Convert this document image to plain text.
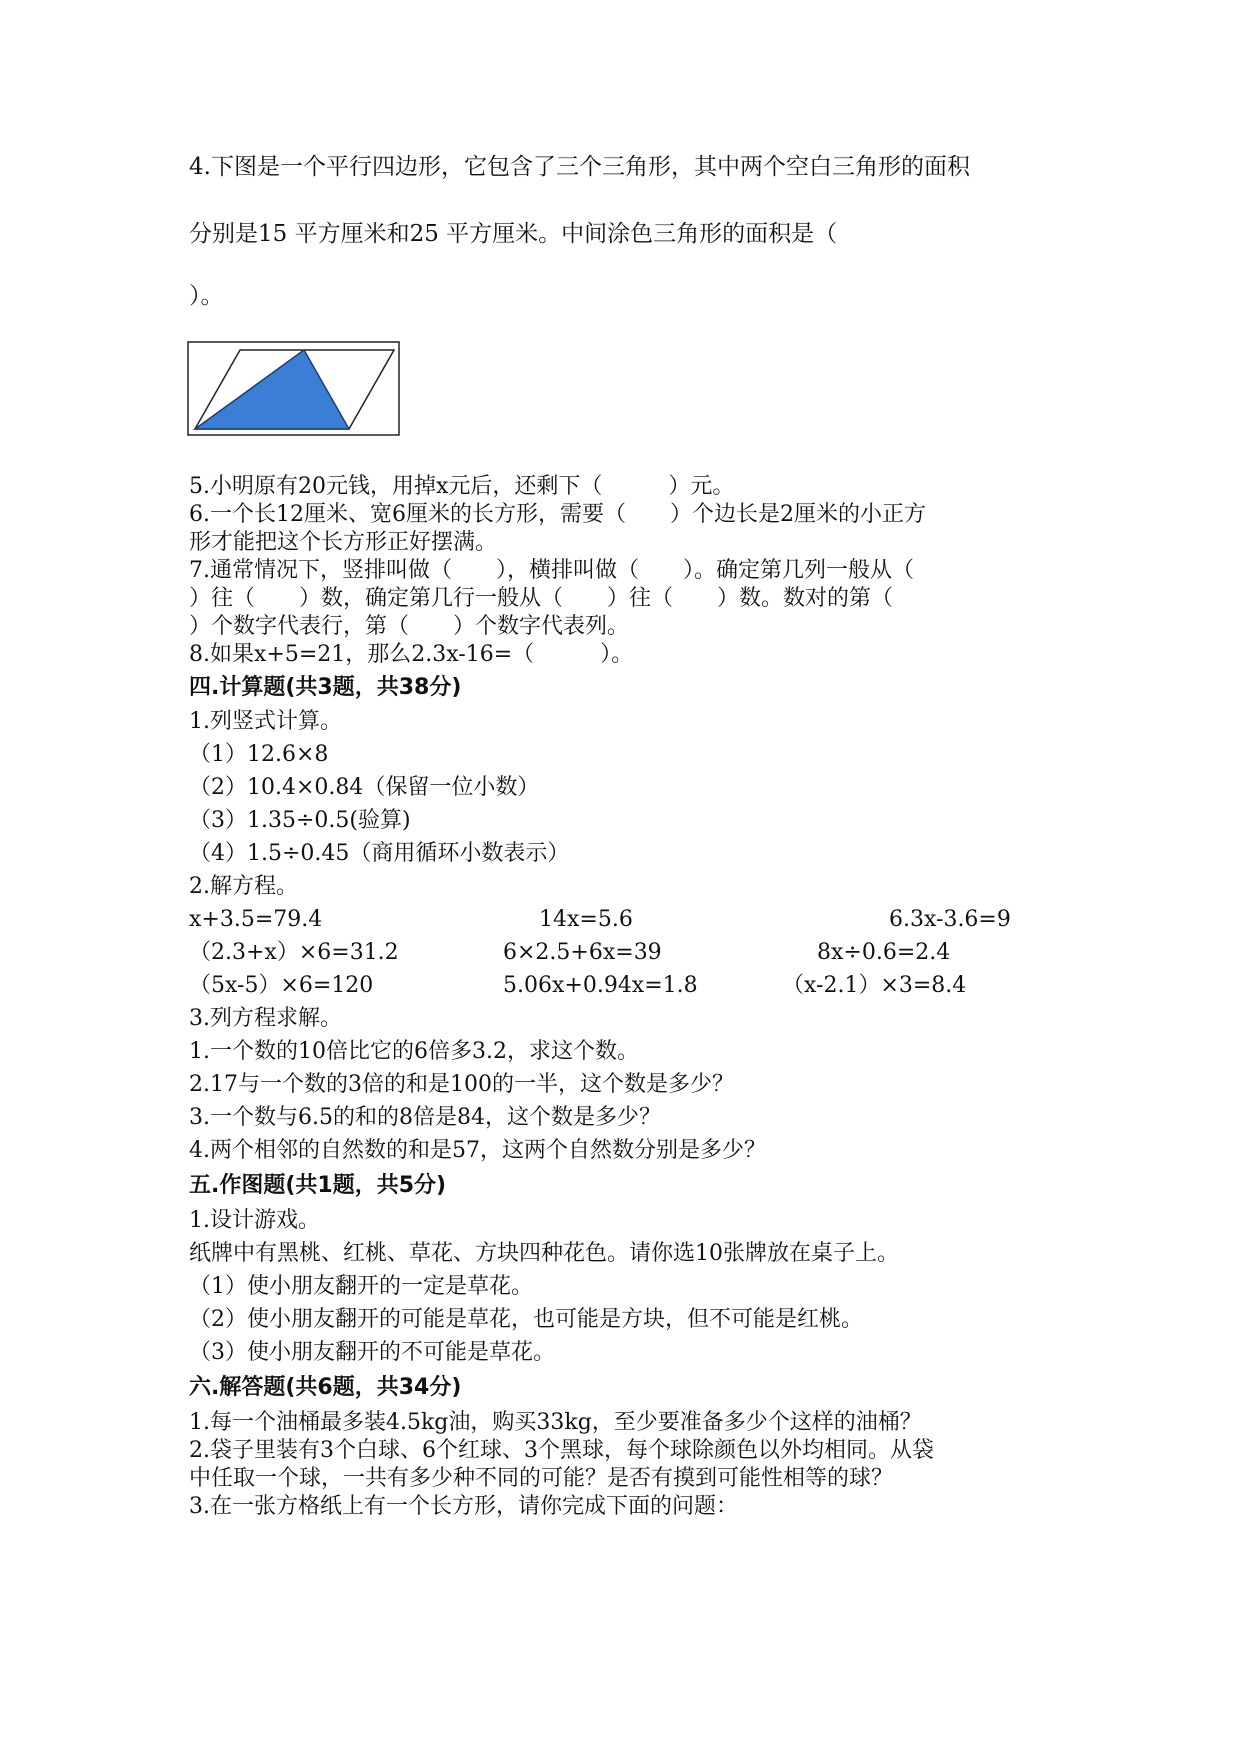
4.下图是一个平行四边形，它包含了三个三角形，其中两个空白三角形的面积
分别是15 平方厘米和25 平方厘米。中间涂色三角形的面积是（
）。
5.小明原有20元钱，用掉x元后，还剩下（　　　）元。
6.一个长12厘米、宽6厘米的长方形，需要（　　）个边长是2厘米的小正方
形才能把这个长方形正好摆满。
7.通常情况下，竖排叫做（　　），横排叫做（　　）。确定第几列一般从（
）往（　　）数，确定第几行一般从（　　）往（　　）数。数对的第（
）个数字代表行，第（　　）个数字代表列。
8.如果x+5=21，那么2.3x-16=（　　　）。
四.计算题(共3题，共38分)
1.列竖式计算。
（1）12.6×8
（2）10.4×0.84（保留一位小数）
（3）1.35÷0.5(验算)
（4）1.5÷0.45（商用循环小数表示）
2.解方程。
x+3.5=79.4	14x=5.6	6.3x-3.6=9
（2.3+x）×6=31.2	6×2.5+6x=39	8x÷0.6=2.4
（5x-5）×6=120	5.06x+0.94x=1.8	（x-2.1）×3=8.4
3.列方程求解。
1.一个数的10倍比它的6倍多3.2，求这个数。
2.17与一个数的3倍的和是100的一半，这个数是多少？
3.一个数与6.5的和的8倍是84，这个数是多少？
4.两个相邻的自然数的和是57，这两个自然数分别是多少？
五.作图题(共1题，共5分)
1.设计游戏。
纸牌中有黑桃、红桃、草花、方块四种花色。请你选10张牌放在桌子上。
（1）使小朋友翻开的一定是草花。
（2）使小朋友翻开的可能是草花，也可能是方块，但不可能是红桃。
（3）使小朋友翻开的不可能是草花。
六.解答题(共6题，共34分)
1.每一个油桶最多装4.5kg油，购买33kg，至少要准备多少个这样的油桶？
2.袋子里装有3个白球、6个红球、3个黑球，每个球除颜色以外均相同。从袋
中任取一个球，一共有多少种不同的可能？是否有摸到可能性相等的球？
3.在一张方格纸上有一个长方形，请你完成下面的问题：
